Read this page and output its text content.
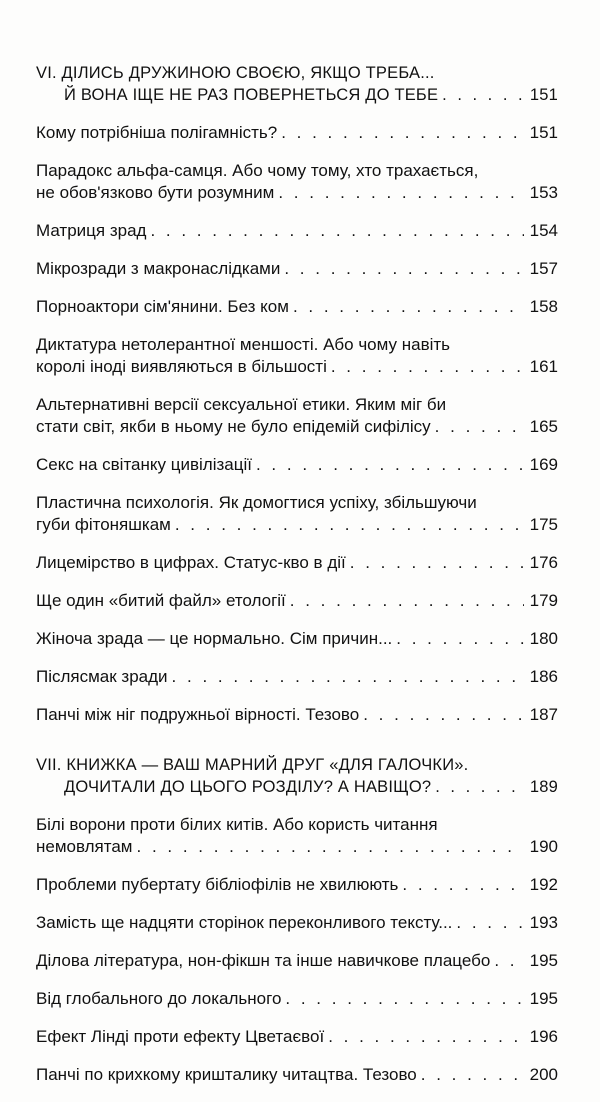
VI. ДІЛИСЬ ДРУЖИНОЮ СВОЄЮ, ЯКЩО ТРЕБА...
Й ВОНА ІЩЕ НЕ РАЗ ПОВЕРНЕТЬСЯ ДО ТЕБЕ . . .	151
Кому потрібніша полігамність? . . .	151
Парадокс альфа-самця. Або чому тому, хто трахається,
не обов'язково бути розумним . . .	153
Матриця зрад . . .	154
Мікрозради з макронаслідками . . .	157
Порноактори сім'янини. Без ком . . .	158
Диктатура нетолерантної меншості. Або чому навіть
королі іноді виявляються в більшості . . .	161
Альтернативні версії сексуальної етики. Яким міг би
стати світ, якби в ньому не було епідемій сифілісу . . .	165
Секс на світанку цивілізації . . .	169
Пластична психологія. Як домогтися успіху, збільшуючи
губи фітоняшкам . . .	175
Лицемірство в цифрах. Статус-кво в дії . . .	176
Ще один «битий файл» етології . . .	179
Жіноча зрада — це нормально. Сім причин... . . .	180
Післясмак зради . . .	186
Панчі між ніг подружньої вірності. Тезово . . .	187
VII. КНИЖКА — ВАШ МАРНИЙ ДРУГ «ДЛЯ ГАЛОЧКИ».
ДОЧИТАЛИ ДО ЦЬОГО РОЗДІЛУ? А НАВІЩО? . . .	189
Білі ворони проти білих китів. Або користь читання
немовлятам . . .	190
Проблеми пубертату бібліофілів не хвилюють . . .	192
Замість ще надцяти сторінок переконливого тексту... . . .	193
Ділова література, нон-фікшн та інше навичкове плацебо . . . 195
Від глобального до локального . . .	195
Ефект Лінді проти ефекту Цветаєвої . . .	196
Панчі по крихкому кришталику читацтва. Тезово . . .	200
